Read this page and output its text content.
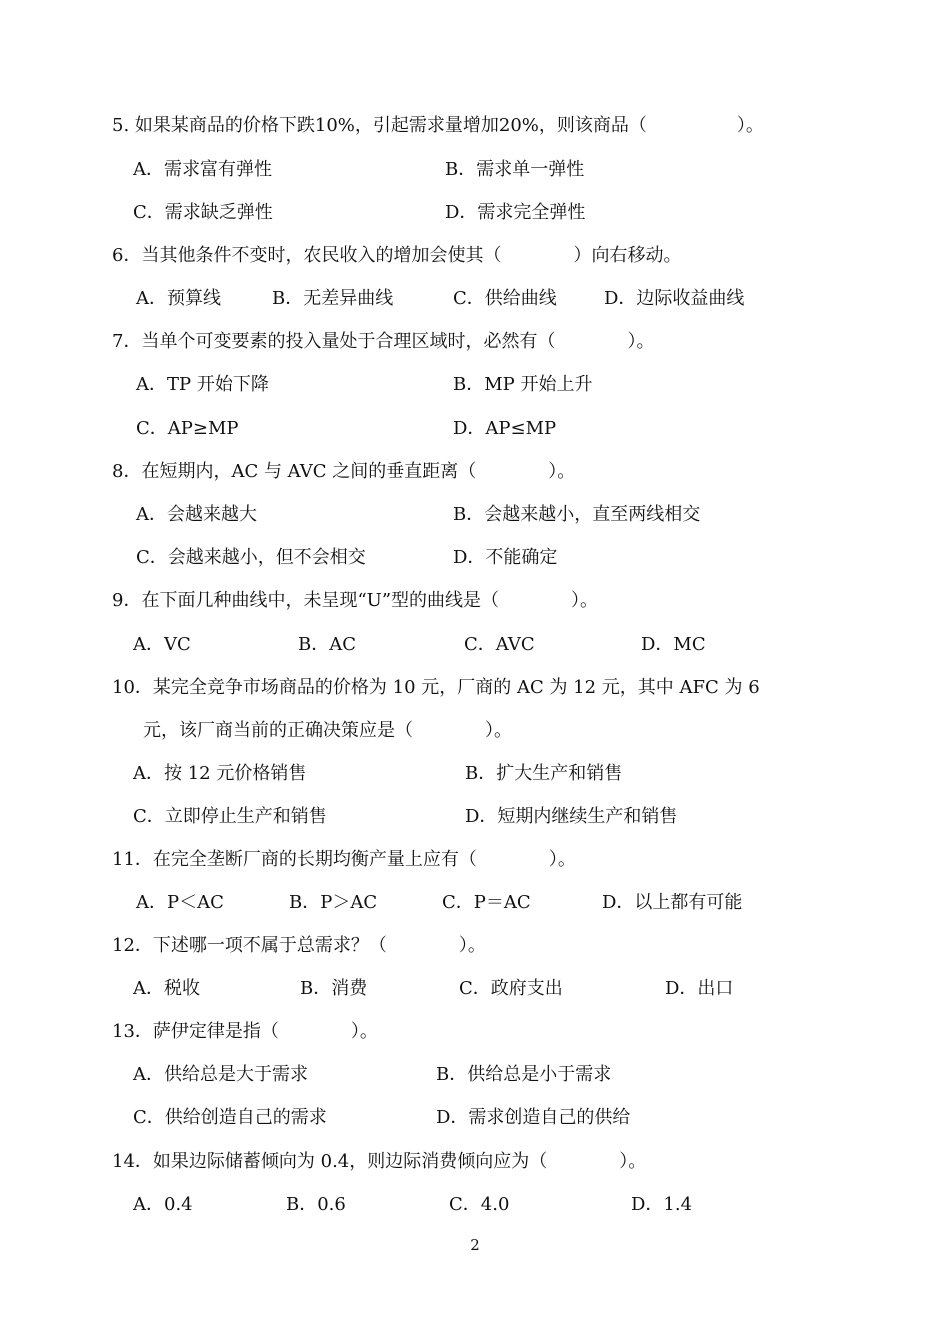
5. 如果某商品的价格下跌10%，引起需求量增加20%，则该商品（　　　　　）。
A．需求富有弹性	B．需求单一弹性
C．需求缺乏弹性	D．需求完全弹性
6．当其他条件不变时，农民收入的增加会使其（　　　　）向右移动。
A．预算线	B．无差异曲线	C．供给曲线	D．边际收益曲线
7．当单个可变要素的投入量处于合理区域时，必然有（　　　　）。
A．TP 开始下降	B．MP 开始上升
C．AP≥MP	D．AP≤MP
8．在短期内，AC 与 AVC 之间的垂直距离（　　　　）。
A．会越来越大	B．会越来越小，直至两线相交
C．会越来越小，但不会相交	D．不能确定
9．在下面几种曲线中，未呈现“U”型的曲线是（　　　　）。
A．VC	B．AC	C．AVC	D．MC
10．某完全竞争市场商品的价格为 10 元，厂商的 AC 为 12 元，其中 AFC 为 6
元，该厂商当前的正确决策应是（　　　　）。
A．按 12 元价格销售	B．扩大生产和销售
C．立即停止生产和销售	D．短期内继续生产和销售
11．在完全垄断厂商的长期均衡产量上应有（　　　　）。
A．P＜AC	B．P＞AC	C．P＝AC	D．以上都有可能
12．下述哪一项不属于总需求？（　　　　）。
A．税收	B．消费	C．政府支出	D．出口
13．萨伊定律是指（　　　　）。
A．供给总是大于需求	B．供给总是小于需求
C．供给创造自己的需求	D．需求创造自己的供给
14．如果边际储蓄倾向为 0.4，则边际消费倾向应为（　　　　）。
A．0.4	B．0.6	C．4.0	D．1.4
2
